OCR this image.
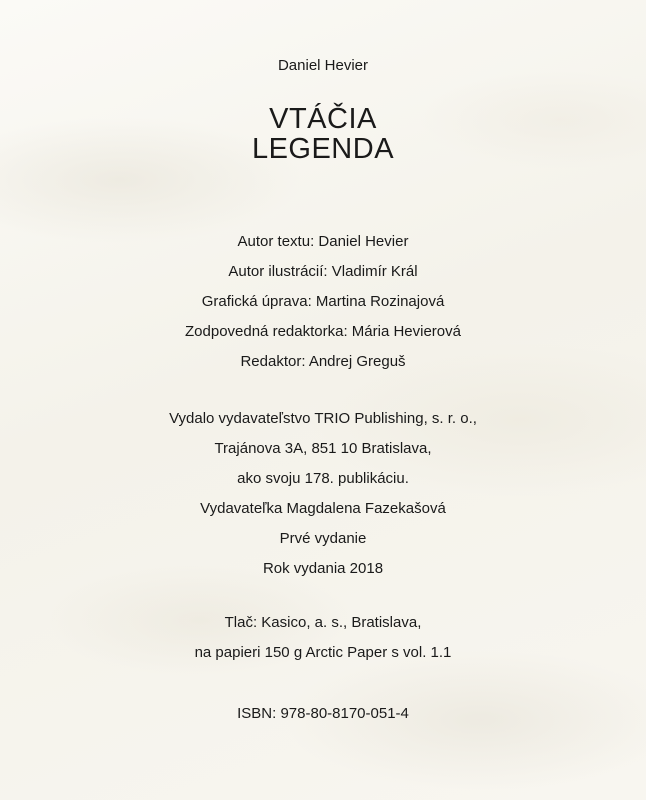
Daniel Hevier
VTÁČIA
LEGENDA
Autor textu: Daniel Hevier
Autor ilustrácií: Vladimír Král
Grafická úprava: Martina Rozinajová
Zodpovedná redaktorka: Mária Hevierová
Redaktor: Andrej Greguš
Vydalo vydavateľstvo TRIO Publishing, s. r. o.,
Trajánova 3A, 851 10 Bratislava,
ako svoju 178. publikáciu.
Vydavateľka Magdalena Fazekašová
Prvé vydanie
Rok vydania 2018
Tlač: Kasico, a. s., Bratislava,
na papieri 150 g Arctic Paper s vol. 1.1
ISBN: 978-80-8170-051-4
